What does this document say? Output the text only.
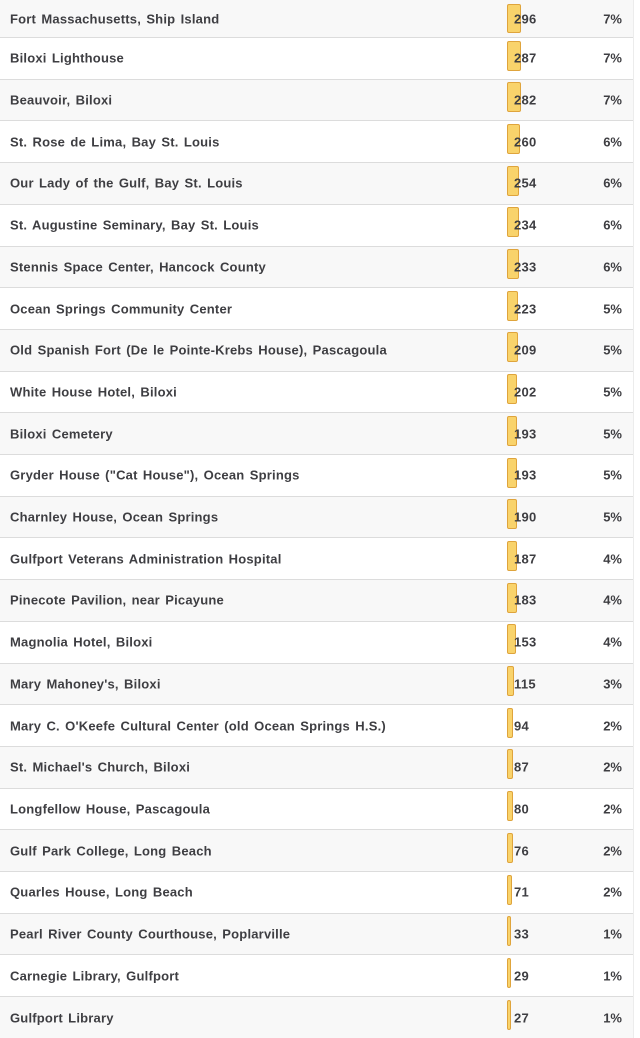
Fort Massachusetts, Ship Island	296	7%
Biloxi Lighthouse	287	7%
Beauvoir, Biloxi	282	7%
St. Rose de Lima, Bay St. Louis	260	6%
Our Lady of the Gulf, Bay St. Louis	254	6%
St. Augustine Seminary, Bay St. Louis	234	6%
Stennis Space Center, Hancock County	233	6%
Ocean Springs Community Center	223	5%
Old Spanish Fort (De le Pointe-Krebs House), Pascagoula	209	5%
White House Hotel, Biloxi	202	5%
Biloxi Cemetery	193	5%
Gryder House ("Cat House"), Ocean Springs	193	5%
Charnley House, Ocean Springs	190	5%
Gulfport Veterans Administration Hospital	187	4%
Pinecote Pavilion, near Picayune	183	4%
Magnolia Hotel, Biloxi	153	4%
Mary Mahoney's, Biloxi	115	3%
Mary C. O'Keefe Cultural Center (old Ocean Springs H.S.)	94	2%
St. Michael's Church, Biloxi	87	2%
Longfellow House, Pascagoula	80	2%
Gulf Park College, Long Beach	76	2%
Quarles House, Long Beach	71	2%
Pearl River County Courthouse, Poplarville	33	1%
Carnegie Library, Gulfport	29	1%
Gulfport Library	27	1%
